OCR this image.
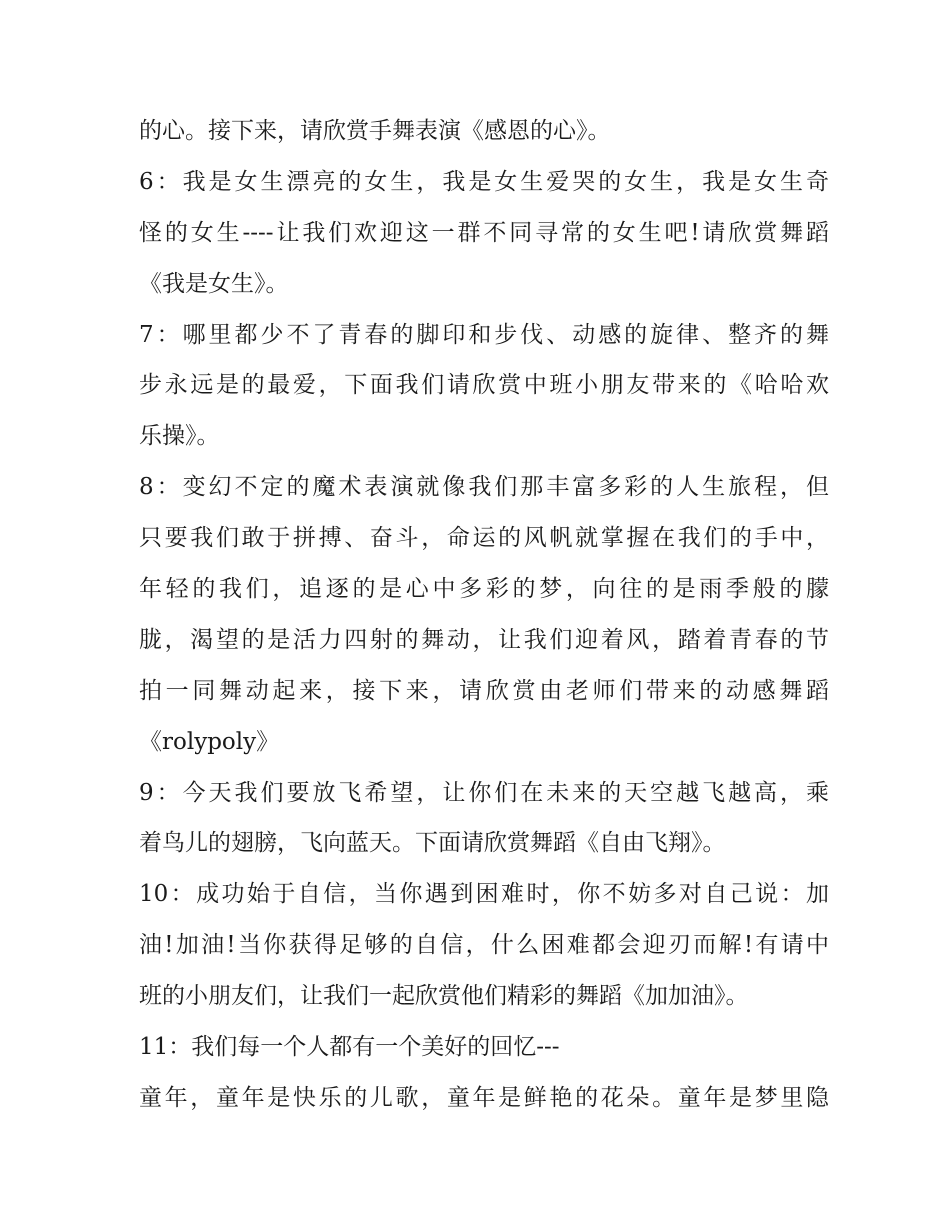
的心。接下来，请欣赏手舞表演《感恩的心》。
6：我是女生漂亮的女生，我是女生爱哭的女生，我是女生奇
怪的女生----让我们欢迎这一群不同寻常的女生吧!请欣赏舞蹈
《我是女生》。
7：哪里都少不了青春的脚印和步伐、动感的旋律、整齐的舞
步永远是的最爱，下面我们请欣赏中班小朋友带来的《哈哈欢
乐操》。
8：变幻不定的魔术表演就像我们那丰富多彩的人生旅程，但
只要我们敢于拼搏、奋斗，命运的风帆就掌握在我们的手中，
年轻的我们，追逐的是心中多彩的梦，向往的是雨季般的朦
胧，渴望的是活力四射的舞动，让我们迎着风，踏着青春的节
拍一同舞动起来，接下来，请欣赏由老师们带来的动感舞蹈
《rolypoly》
9：今天我们要放飞希望，让你们在未来的天空越飞越高，乘
着鸟儿的翅膀，飞向蓝天。下面请欣赏舞蹈《自由飞翔》。
10：成功始于自信，当你遇到困难时，你不妨多对自己说：加
油!加油!当你获得足够的自信，什么困难都会迎刃而解!有请中
班的小朋友们，让我们一起欣赏他们精彩的舞蹈《加加油》。
11：我们每一个人都有一个美好的回忆---
童年，童年是快乐的儿歌，童年是鲜艳的花朵。童年是梦里隐
